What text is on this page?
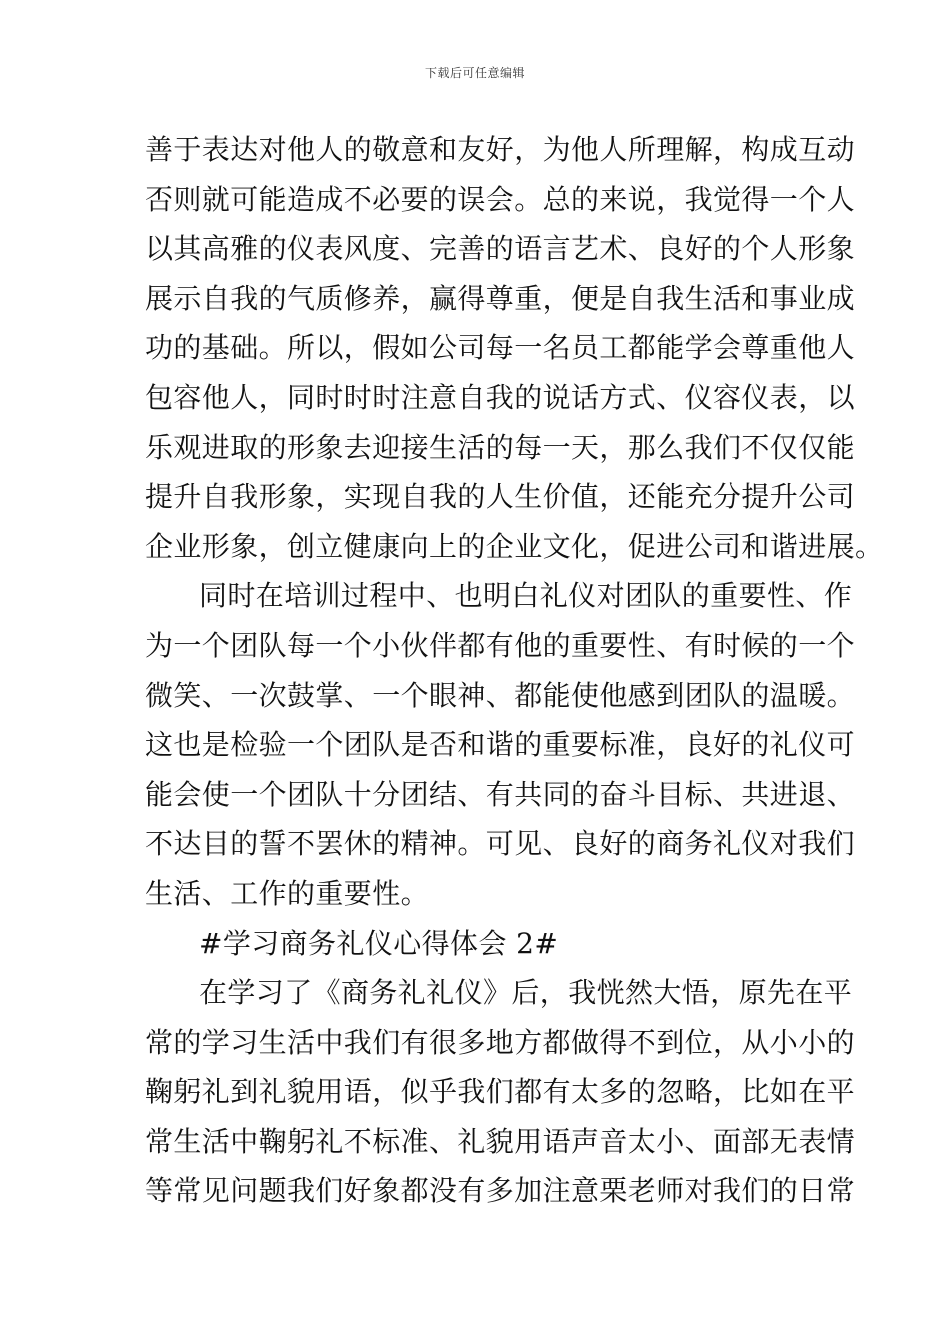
下载后可任意编辑
善于表达对他人的敬意和友好，为他人所理解，构成互动
否则就可能造成不必要的误会。总的来说，我觉得一个人
以其高雅的仪表风度、完善的语言艺术、良好的个人形象
展示自我的气质修养，赢得尊重，便是自我生活和事业成
功的基础。所以，假如公司每一名员工都能学会尊重他人
包容他人，同时时时注意自我的说话方式、仪容仪表，以
乐观进取的形象去迎接生活的每一天，那么我们不仅仅能
提升自我形象，实现自我的人生价值，还能充分提升公司
企业形象，创立健康向上的企业文化，促进公司和谐进展。
同时在培训过程中、也明白礼仪对团队的重要性、作
为一个团队每一个小伙伴都有他的重要性、有时候的一个
微笑、一次鼓掌、一个眼神、都能使他感到团队的温暖。
这也是检验一个团队是否和谐的重要标准，良好的礼仪可
能会使一个团队十分团结、有共同的奋斗目标、共进退、
不达目的誓不罢休的精神。可见、良好的商务礼仪对我们
生活、工作的重要性。
#学习商务礼仪心得体会 2#
在学习了《商务礼礼仪》后，我恍然大悟，原先在平
常的学习生活中我们有很多地方都做得不到位，从小小的
鞠躬礼到礼貌用语，似乎我们都有太多的忽略，比如在平
常生活中鞠躬礼不标准、礼貌用语声音太小、面部无表情
等常见问题我们好象都没有多加注意栗老师对我们的日常
